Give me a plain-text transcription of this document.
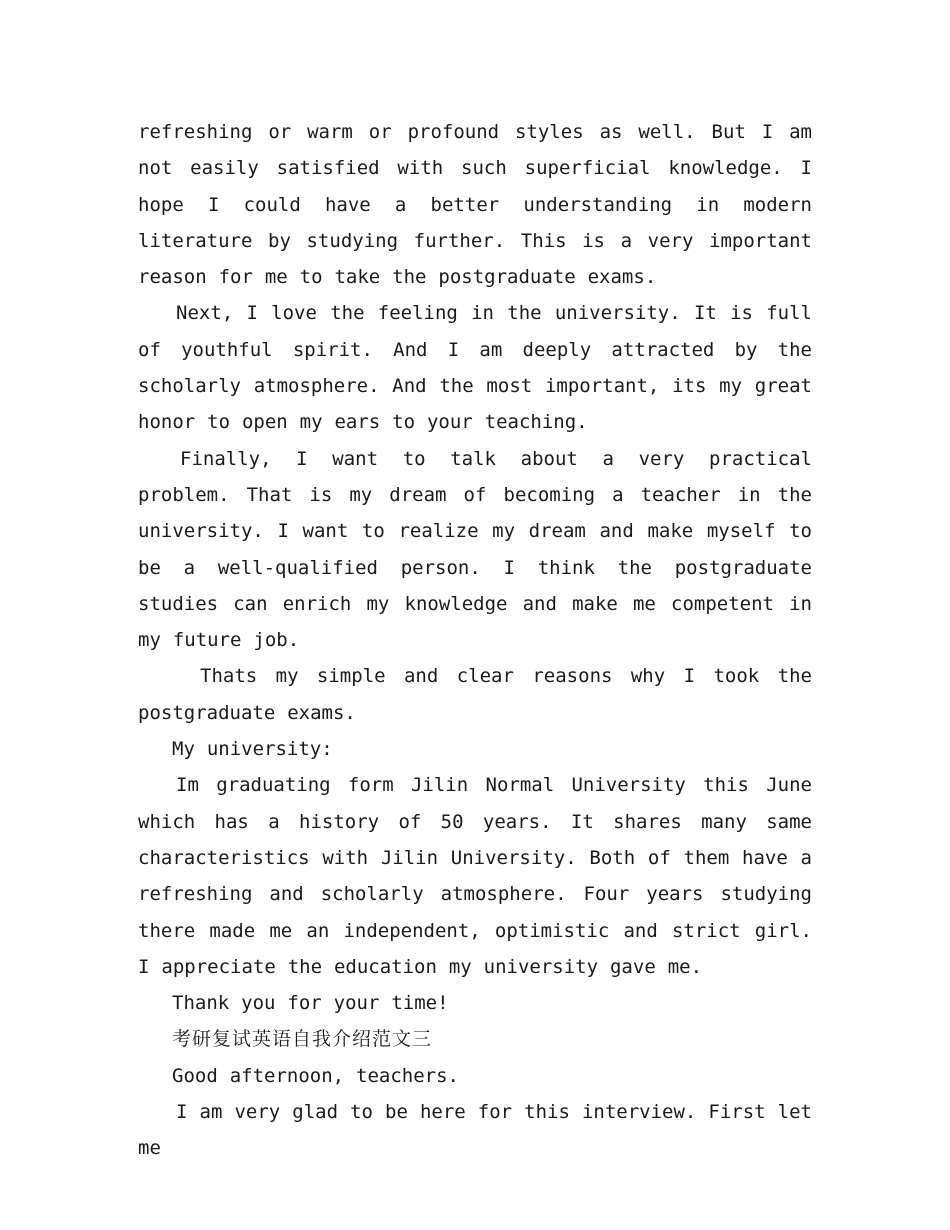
refreshing or warm or profound styles as well. But I am not easily satisfied with such superficial knowledge. I hope I could have a better understanding in modern literature by studying further. This is a very important reason for me to take the postgraduate exams.

Next, I love the feeling in the university. It is full of youthful spirit. And I am deeply attracted by the scholarly atmosphere. And the most important, its my great honor to open my ears to your teaching.

Finally, I want to talk about a very practical problem. That is my dream of becoming a teacher in the university. I want to realize my dream and make myself to be a well-qualified person. I think the postgraduate studies can enrich my knowledge and make me competent in my future job.

Thats my simple and clear reasons why I took the postgraduate exams.

My university:

Im graduating form Jilin Normal University this June which has a history of 50 years. It shares many same characteristics with Jilin University. Both of them have a refreshing and scholarly atmosphere. Four years studying there made me an independent, optimistic and strict girl. I appreciate the education my university gave me.

Thank you for your time!

考研复试英语自我介绍范文三

Good afternoon, teachers.

I am very glad to be here for this interview. First let me
